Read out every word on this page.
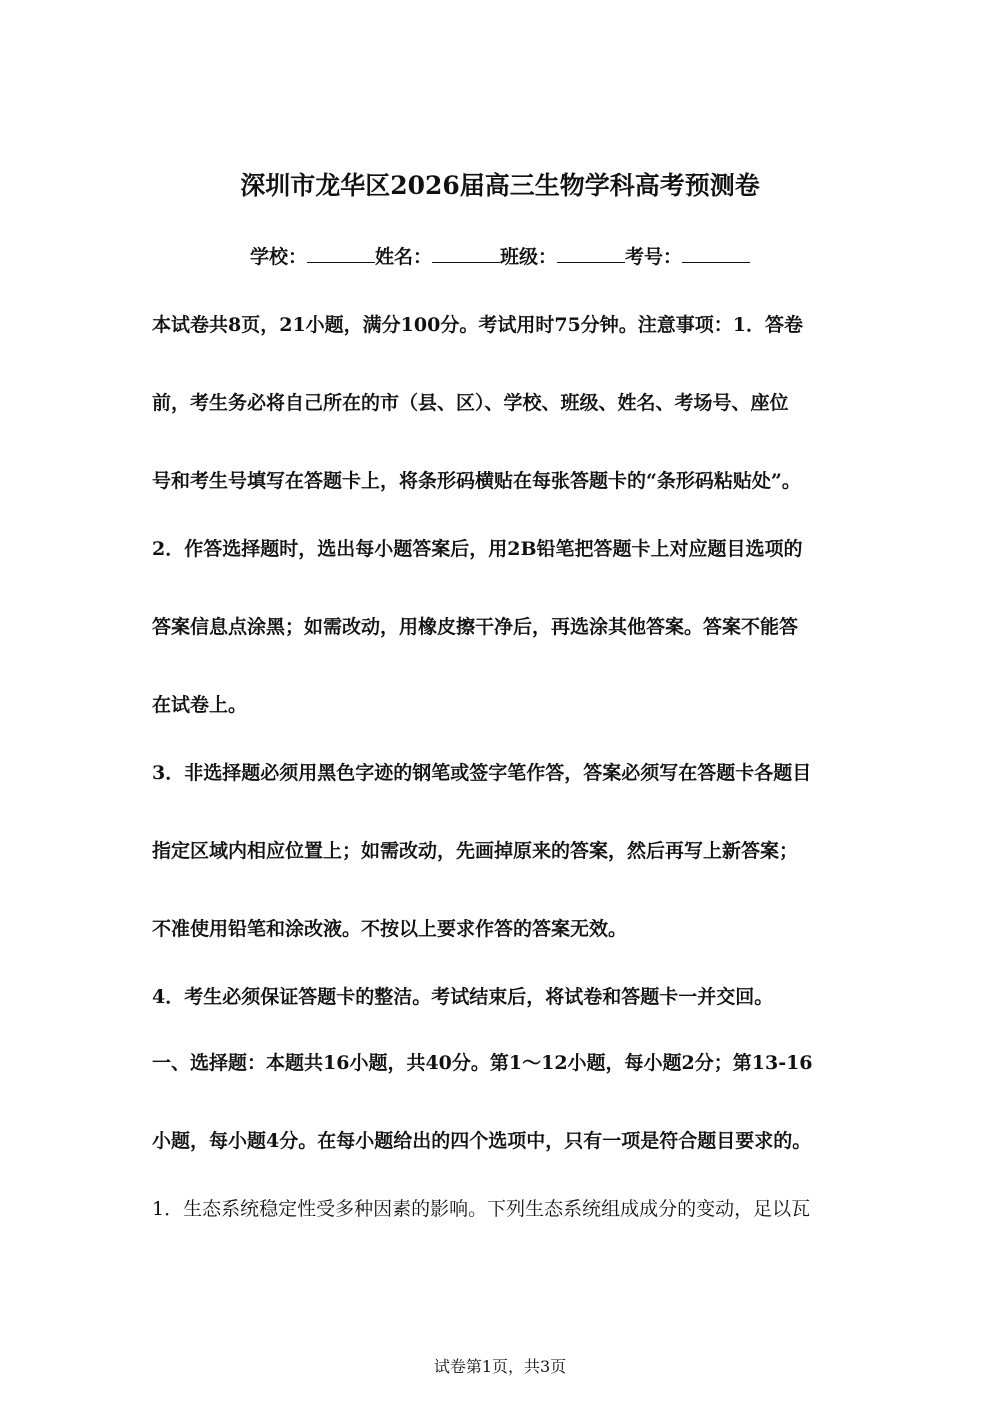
深圳市龙华区2026届高三生物学科高考预测卷
学校：	姓名：	班级：	考号：
本试卷共8页，21小题，满分100分。考试用时75分钟。注意事项：1．答卷
前，考生务必将自己所在的市（县、区）、学校、班级、姓名、考场号、座位
号和考生号填写在答题卡上，将条形码横贴在每张答题卡的“条形码粘贴处”。
2．作答选择题时，选出每小题答案后，用2B铅笔把答题卡上对应题目选项的
答案信息点涂黑；如需改动，用橡皮擦干净后，再选涂其他答案。答案不能答
在试卷上。
3．非选择题必须用黑色字迹的钢笔或签字笔作答，答案必须写在答题卡各题目
指定区域内相应位置上；如需改动，先画掉原来的答案，然后再写上新答案；
不准使用铅笔和涂改液。不按以上要求作答的答案无效。
4．考生必须保证答题卡的整洁。考试结束后，将试卷和答题卡一并交回。
一、选择题：本题共16小题，共40分。第1～12小题，每小题2分；第13-16
小题，每小题4分。在每小题给出的四个选项中，只有一项是符合题目要求的。
1．生态系统稳定性受多种因素的影响。下列生态系统组成成分的变动，足以瓦
试卷第1页，共3页
